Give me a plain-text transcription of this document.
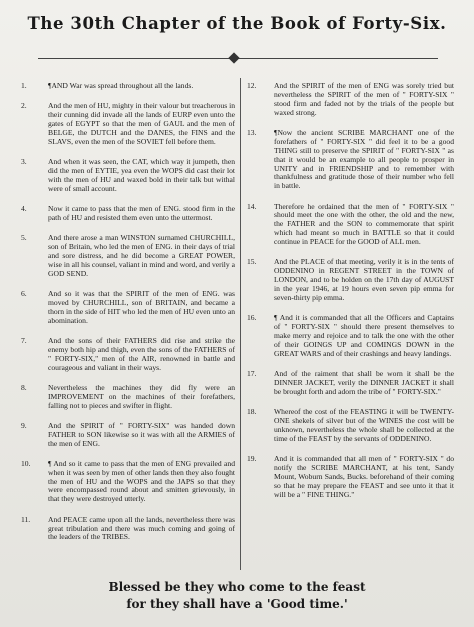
The 30th Chapter of the Book of Forty-Six.
1.	¶AND War was spread throughout all the lands.
2.	And the men of HU, mighty in their valour but treacherous in their cunning did invade all the lands of EURP even unto the gates of EGYPT so that the men of GAUL and the men of BELGE, the DUTCH and the DANES, the FINS and the SLAVS, even the men of the SOVIET fell before them.
3.	And when it was seen, the CAT, which way it jumpeth, then did the men of EYTIE, yea even the WOPS did cast their lot with the men of HU and waxed bold in their talk but withal were of small account.
4.	Now it came to pass that the men of ENG. stood firm in the path of HU and resisted them even unto the uttermost.
5.	And there arose a man WINSTON surnamed CHURCHILL, son of Britain, who led the men of ENG. in their days of trial and sore distress, and he did become a GREAT POWER, wise in all his counsel, valiant in mind and word, and verily a GOD SEND.
6.	And so it was that the SPIRIT of the men of ENG. was moved by CHURCHILL, son of BRITAIN, and became a thorn in the side of HIT who led the men of HU even unto an abomination.
7.	And the sons of their FATHERS did rise and strike the enemy both hip and thigh, even the sons of the FATHERS of " FORTY-SIX," men of the AIR, renowned in battle and courageous and valiant in their ways.
8.	Nevertheless the machines they did fly were an IMPROVEMENT on the machines of their forefathers, falling not to pieces and swifter in flight.
9.	And the SPIRIT of " FORTY-SIX" was handed down FATHER to SON likewise so it was with all the ARMIES of the men of ENG.
10. ¶ And so it came to pass that the men of ENG prevailed and when it was seen by men of other lands then they also fought the men of HU and the WOPS and the JAPS so that they were encompassed round about and smitten grievously, in that they were destroyed utterly.
11. And PEACE came upon all the lands, nevertheless there was great tribulation and there was much coming and going of the leaders of the TRIBES.
12. And the SPIRIT of the men of ENG was sorely tried but nevertheless the SPIRIT of the men of " FORTY-SIX " stood firm and faded not by the trials of the people but waxed strong.
13. ¶Now the ancient SCRIBE MARCHANT one of the forefathers of " FORTY-SIX " did feel it to be a good THING still to preserve the SPIRIT of " FORTY-SIX " as that it would be an example to all people to prosper in UNITY and in FRIENDSHIP and to remember with thankfulness and gratitude those of their number who fell in battle.
14. Therefore he ordained that the men of " FORTY-SIX " should meet the one with the other, the old and the new, the FATHER and the SON to commemorate that spirit which had meant so much in BATTLE so that it could continue in PEACE for the GOOD of ALL men.
15. And the PLACE of that meeting, verily it is in the tents of ODDENINO in REGENT STREET in the TOWN of LONDON, and to be holden on the 17th day of AUGUST in the year 1946, at 19 hours even seven pip emma for seven-thirty pip emma.
16. ¶ And it is commanded that all the Officers and Captains of " FORTY-SIX " should there present themselves to make merry and rejoice and to talk the one with the other of their GOINGS UP and COMINGS DOWN in the GREAT WARS and of their crashings and heavy landings.
17. And of the raiment that shall be worn it shall be the DINNER JACKET, verily the DINNER JACKET it shall be brought forth and adorn the tribe of " FORTY-SIX."
18. Whereof the cost of the FEASTING it will be TWENTY-ONE shekels of silver but of the WINES the cost will be unknown, nevertheless the whole shall be collected at the time of the FEAST by the servants of ODDENINO.
19. And it is commanded that all men of " FORTY-SIX " do notify the SCRIBE MARCHANT, at his tent, Sandy Mount, Woburn Sands, Bucks. beforehand of their coming so that he may prepare the FEAST and see unto it that it will be a " FINE THING."
Blessed be they who come to the feast
for they shall have a 'Good time.'
